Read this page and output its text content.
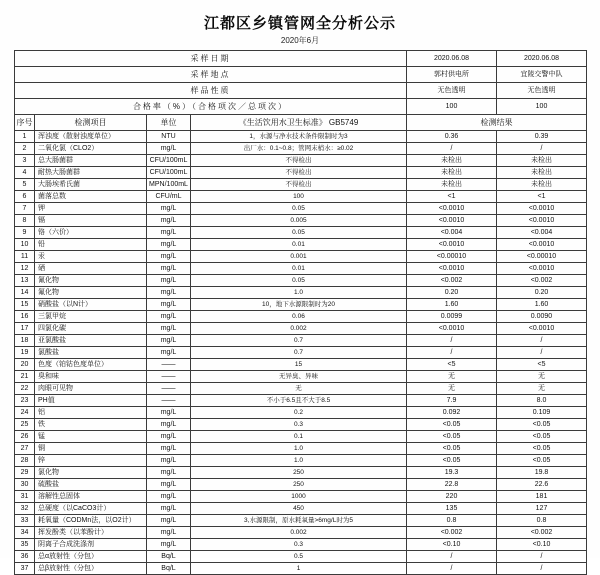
江都区乡镇管网全分析公示
2020年6月
采样日期				2020.06.08	2020.06.08
采样地点				郭村供电所	宜陵交警中队
样品性质				无色透明	无色透明
合格率（%）（合格项次／总项次）				100	100
序号	检测项目	单位	《生活饮用水卫生标准》 GB5749	检测结果	
1	浑浊度（散射浊度单位）	NTU	1，水源与净水技术条件限制时为3	0.36	0.39
2	二氧化氯（CLO2）	mg/L	出厂水：0.1~0.8；管网末梢水：≥0.02	/	/
3	总大肠菌群	CFU/100mL	不得检出	未检出	未检出
4	耐热大肠菌群	CFU/100mL	不得检出	未检出	未检出
5	大肠埃希氏菌	MPN/100mL	不得检出	未检出	未检出
6	菌落总数	CFU/mL	100	<1	<1
7	钾	mg/L	0.05	<0.0010	<0.0010
8	镉	mg/L	0.005	<0.0010	<0.0010
9	铬（六价）	mg/L	0.05	<0.004	<0.004
10	铅	mg/L	0.01	<0.0010	<0.0010
11	汞	mg/L	0.001	<0.00010	<0.00010
12	硒	mg/L	0.01	<0.0010	<0.0010
13	氰化物	mg/L	0.05	<0.002	<0.002
14	氟化物	mg/L	1.0	0.20	0.20
15	硝酸盐（以N计）	mg/L	10，地下水源限制时为20	1.60	1.60
16	三氯甲烷	mg/L	0.06	0.0099	0.0090
17	四氯化碳	mg/L	0.002	<0.0010	<0.0010
18	亚氯酸盐	mg/L	0.7	/	/
19	氯酸盐	mg/L	0.7	/	/
20	色度（铂钴色度单位）	——	15	<5	<5
21	臭和味	——	无异臭、异味	无	无
22	肉眼可见物	——	无	无	无
23	PH值	——	不小于6.5且不大于8.5	7.9	8.0
24	铝	mg/L	0.2	0.092	0.109
25	铁	mg/L	0.3	<0.05	<0.05
26	锰	mg/L	0.1	<0.05	<0.05
27	铜	mg/L	1.0	<0.05	<0.05
28	锌	mg/L	1.0	<0.05	<0.05
29	氯化物	mg/L	250	19.3	19.8
30	硫酸盐	mg/L	250	22.8	22.6
31	溶解性总固体	mg/L	1000	220	181
32	总硬度（以CaCO3计）	mg/L	450	135	127
33	耗氧量（CODMn法，以O2计）	mg/L	3,水源限制，原水耗氧量>6mg/L时为5	0.8	0.8
34	挥发酚类（以苯酚计）	mg/L	0.002	<0.002	<0.002
35	阴离子合成洗涤剂	mg/L	0.3	<0.10	<0.10
36	总α放射性（分包）	Bq/L	0.5	/	/
37	总β放射性（分包）	Bq/L	1	/	/
